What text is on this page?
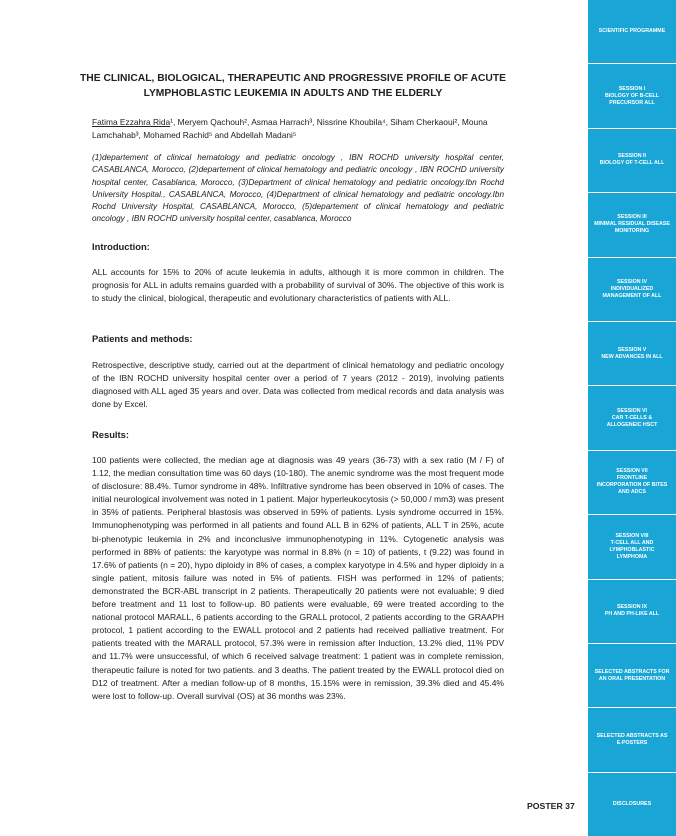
THE CLINICAL, BIOLOGICAL, THERAPEUTIC AND PROGRESSIVE PROFILE OF ACUTE LYMPHOBLASTIC LEUKEMIA IN ADULTS AND THE ELDERLY
Fatima Ezzahra Rida¹, Meryem Qachouh², Asmaa Harrach³, Nissrine Khoubila⁴, Siham Cherkaoui², Mouna Lamchahab³, Mohamed Rachid⁵ and Abdellah Madani⁵
(1)departement of clinical hematology and pediatric oncology , IBN ROCHD university hospital center, CASABLANCA, Morocco, (2)departement of clinical hematology and pediatric oncology , IBN ROCHD university hospital center, Casablanca, Morocco, (3)Department of clinical hematology and pediatric oncology.Ibn Rochd University Hospital., CASABLANCA, Morocco, (4)Department of clinical hematology and pediatric oncology.Ibn Rochd University Hospital, CASABLANCA, Morocco, (5)departement of clinical hematology and pediatric oncology , IBN ROCHD university hospital center, casablanca, Morocco
Introduction:
ALL accounts for 15% to 20% of acute leukemia in adults, although it is more common in children. The prognosis for ALL in adults remains guarded with a probability of survival of 30%. The objective of this work is to study the clinical, biological, therapeutic and evolutionary characteristics of patients with ALL.
Patients and methods:
Retrospective, descriptive study, carried out at the department of clinical hematology and pediatric oncology of the IBN ROCHD university hospital center over a period of 7 years (2012 - 2019), involving patients diagnosed with ALL aged 35 years and over. Data was collected from medical records and data analysis was done by Excel.
Results:
100 patients were collected, the median age at diagnosis was 49 years (36-73) with a sex ratio (M / F) of 1.12, the median consultation time was 60 days (10-180). The anemic syndrome was the most frequent mode of disclosure: 88.4%. Tumor syndrome in 48%. Infiltrative syndrome has been observed in 10% of cases. The initial neurological involvement was noted in 1 patient. Major hyperleukocytosis (> 50,000 / mm3) was present in 35% of patients. Peripheral blastosis was observed in 59% of patients. Lysis syndrome occurred in 15%. Immunophenotyping was performed in all patients and found ALL B in 62% of patients, ALL T in 25%, acute bi-phenotypic leukemia in 2% and inconclusive immunophenotyping in 11%. Cytogenetic analysis was performed in 88% of patients: the karyotype was normal in 8.8% (n = 10) of patients, t (9.22) was found in 17.6% of patients (n = 20), hypo diploidy in 8% of cases, a complex karyotype in 4.5% and hyper diploidy in a single patient, mitosis failure was noted in 5% of patients. FISH was performed in 12% of patients; demonstrated the BCR-ABL transcript in 2 patients. Therapeutically 20 patients were not evaluable; 9 died before treatment and 11 lost to follow-up. 80 patients were evaluable, 69 were treated according to the national protocol MARALL, 6 patients according to the GRALL protocol, 2 patients according to the GRAAPH protocol, 1 patient according to the EWALL protocol and 2 patients had received palliative treatment. For patients treated with the MARALL protocol, 57.3% were in remission after Induction, 13.2% died, 11% PDV and 11.7% were unsuccessful, of which 6 received salvage treatment: 1 patient was in complete remission, therapeutic failure is noted for two patients. and 3 deaths. The patient treated by the EWALL protocol died on D12 of treatment. After a median follow-up of 8 months, 15.15% were in remission, 39.3% died and 45.4% were lost to follow-up. Overall survival (OS) at 36 months was 23%.
POSTER 37
SCIENTIFIC PROGRAMME
SESSION I
BIOLOGY OF B-CELL PRECURSOR ALL
SESSION II
BIOLOGY OF T-CELL ALL
SESSION III
MINIMAL RESIDUAL DISEASE MONITORING
SESSION IV
INDIVIDUALIZED MANAGEMENT OF ALL
SESSION V
NEW ADVANCES IN ALL
SESSION VI
CAR T-CELLS & ALLOGENEIC HSCT
SESSION VII
FRONTLINE INCORPORATION OF BITES AND ADCS
SESSION VIII
T-CELL ALL AND LYMPHOBLASTIC LYMPHOMA
SESSION IX
PH AND PH-LIKE ALL
SELECTED ABSTRACTS FOR AN ORAL PRESENTATION
SELECTED ABSTRACTS AS E-POSTERS
DISCLOSURES
